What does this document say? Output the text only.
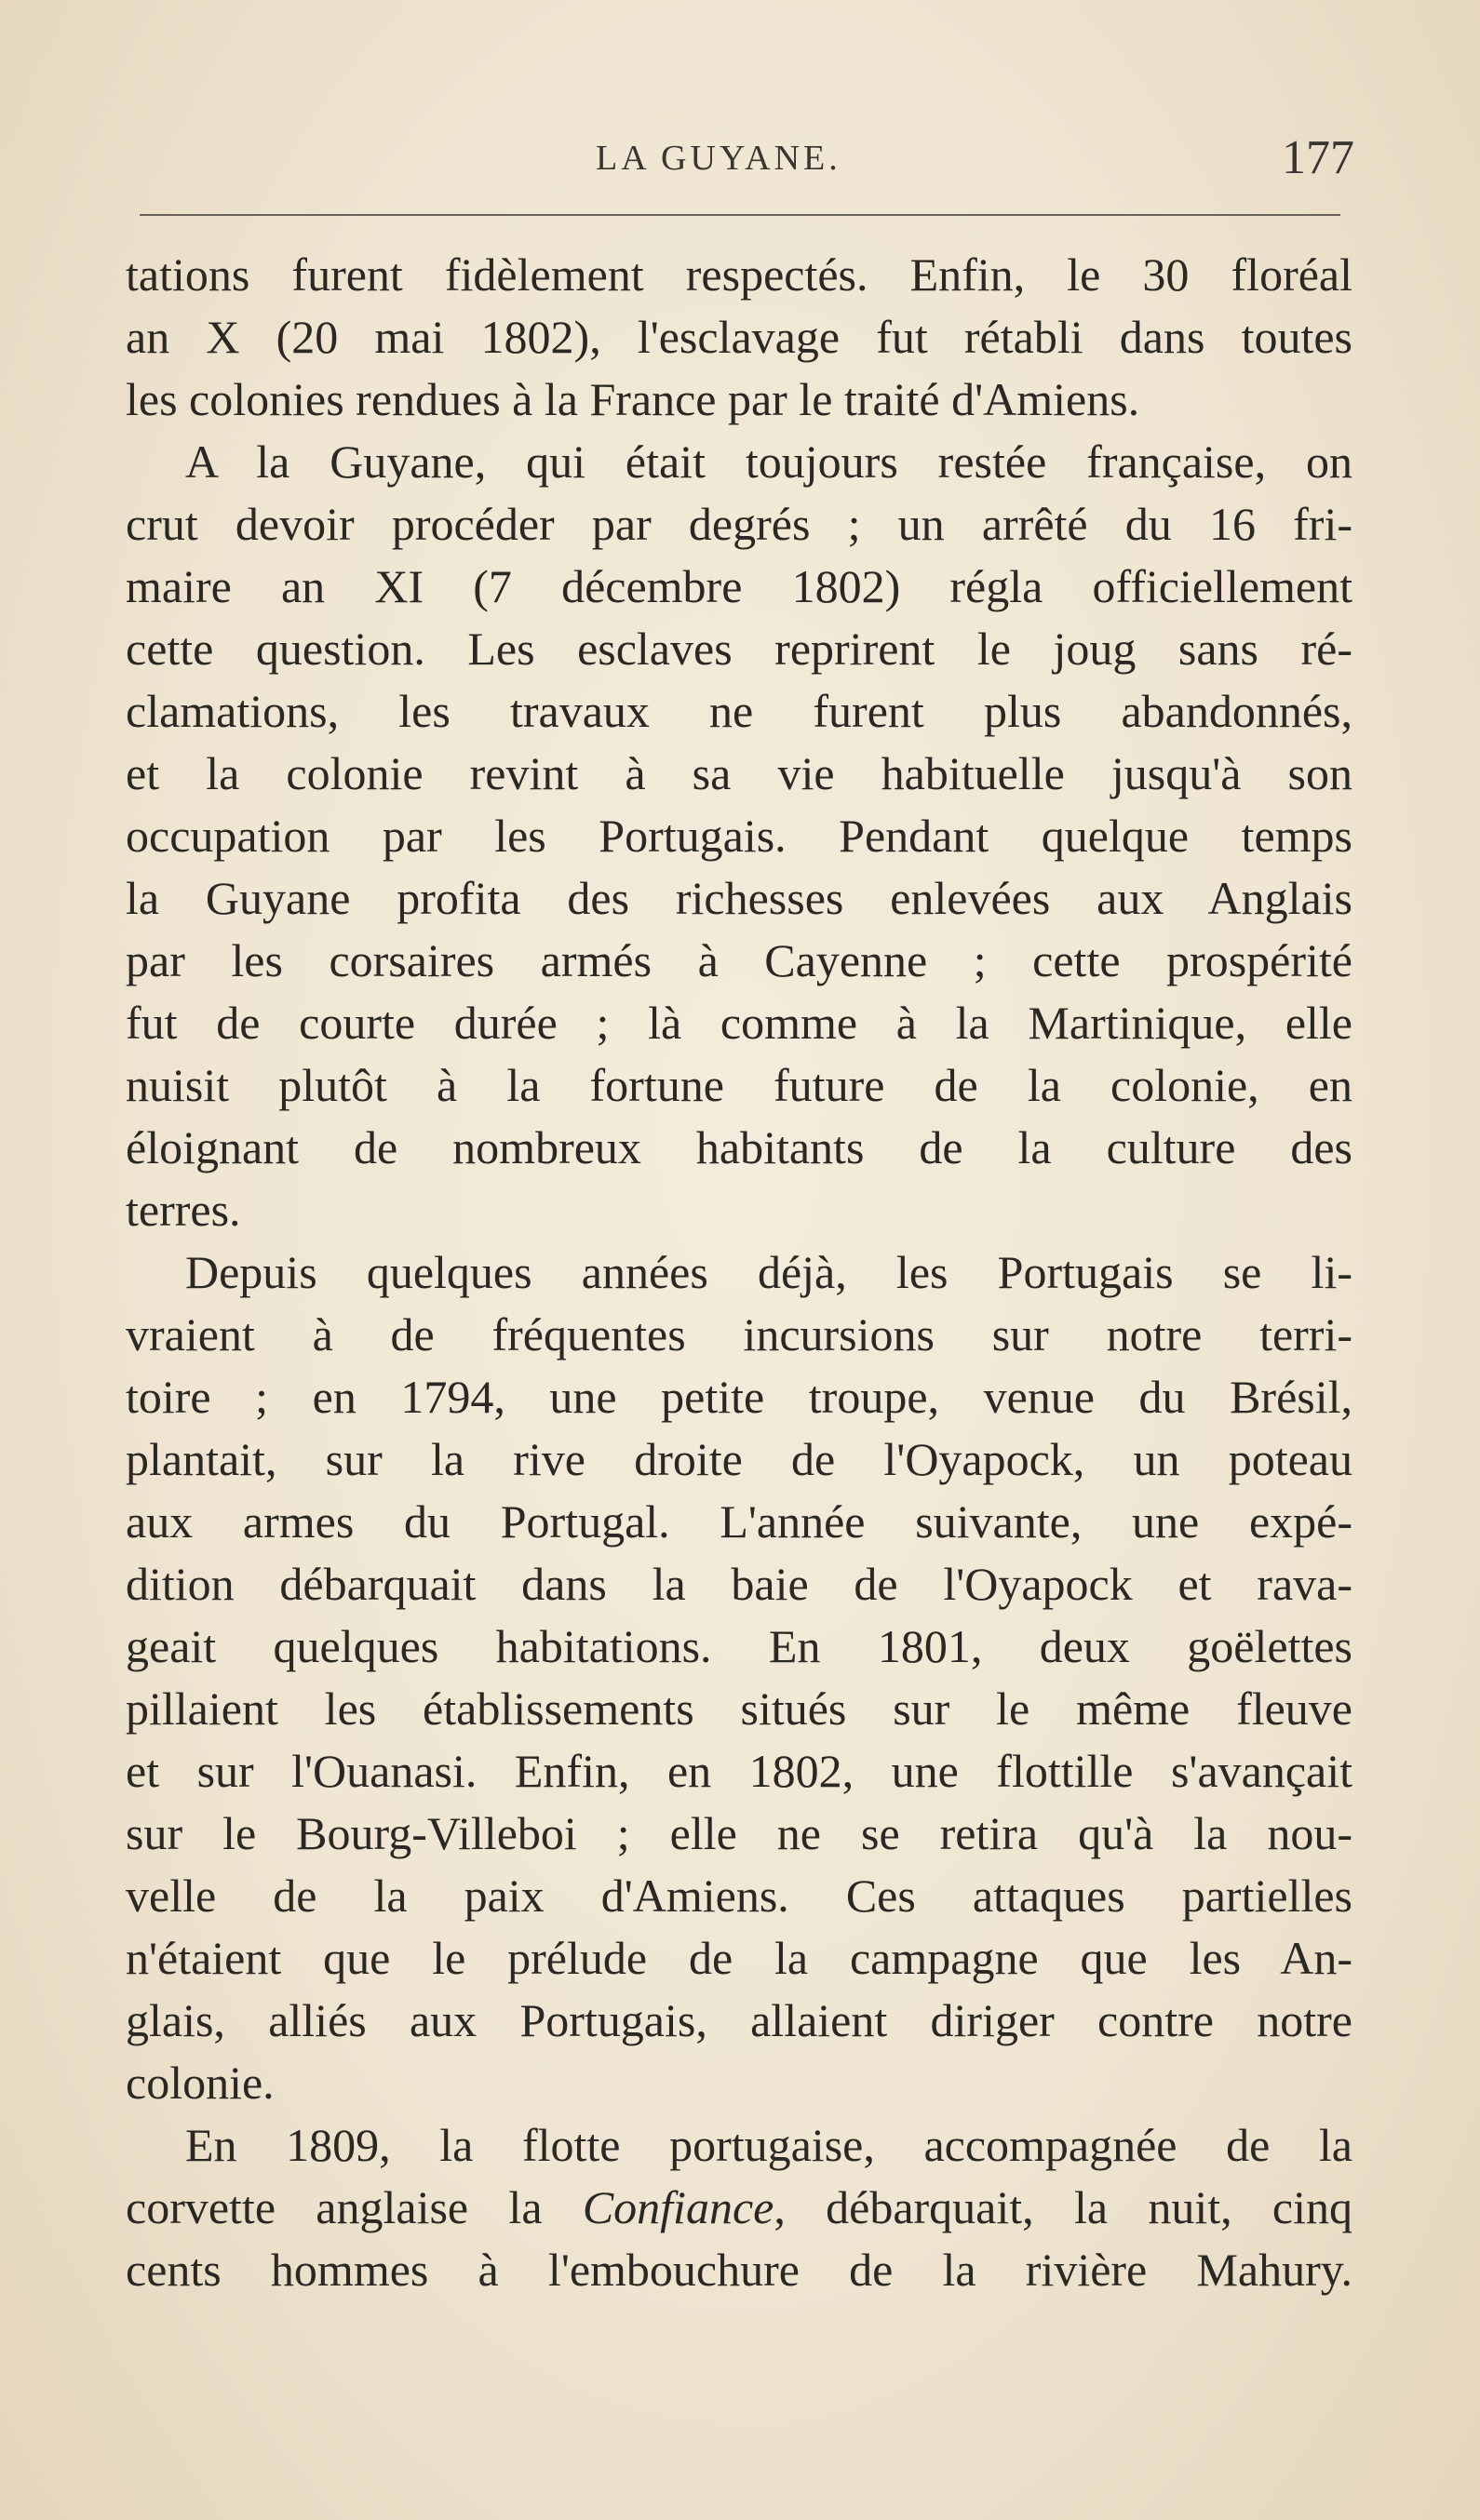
LA GUYANE.	177
tations furent fidèlement respectés. Enfin, le 30 floréal
an X (20 mai 1802), l'esclavage fut rétabli dans toutes
les colonies rendues à la France par le traité d'Amiens.
A la Guyane, qui était toujours restée française, on
crut devoir procéder par degrés ; un arrêté du 16 fri-
maire an XI (7 décembre 1802) régla officiellement
cette question. Les esclaves reprirent le joug sans ré-
clamations, les travaux ne furent plus abandonnés,
et la colonie revint à sa vie habituelle jusqu'à son
occupation par les Portugais. Pendant quelque temps
la Guyane profita des richesses enlevées aux Anglais
par les corsaires armés à Cayenne ; cette prospérité
fut de courte durée ; là comme à la Martinique, elle
nuisit plutôt à la fortune future de la colonie, en
éloignant de nombreux habitants de la culture des
terres.
Depuis quelques années déjà, les Portugais se li-
vraient à de fréquentes incursions sur notre terri-
toire ; en 1794, une petite troupe, venue du Brésil,
plantait, sur la rive droite de l'Oyapock, un poteau
aux armes du Portugal. L'année suivante, une expé-
dition débarquait dans la baie de l'Oyapock et rava-
geait quelques habitations. En 1801, deux goëlettes
pillaient les établissements situés sur le même fleuve
et sur l'Ouanasi. Enfin, en 1802, une flottille s'avançait
sur le Bourg-Villeboi ; elle ne se retira qu'à la nou-
velle de la paix d'Amiens. Ces attaques partielles
n'étaient que le prélude de la campagne que les An-
glais, alliés aux Portugais, allaient diriger contre notre
colonie.
En 1809, la flotte portugaise, accompagnée de la
corvette anglaise la Confiance, débarquait, la nuit, cinq
cents hommes à l'embouchure de la rivière Mahury.
